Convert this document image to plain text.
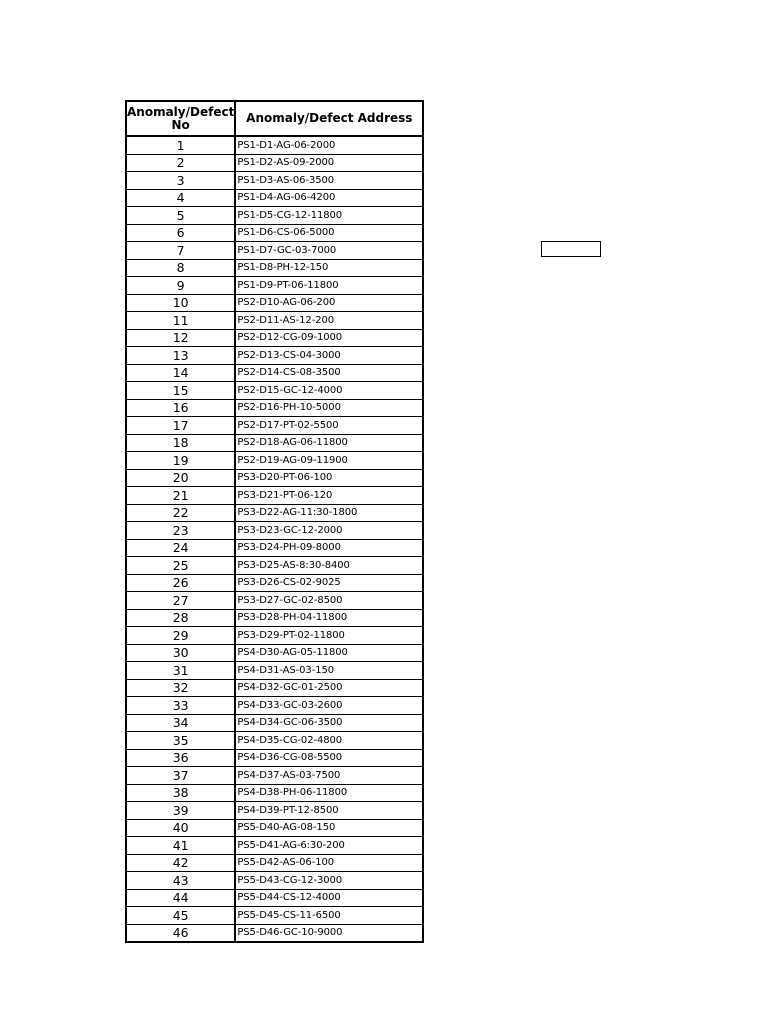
Anomaly/Defect No	Anomaly/Defect Address
1	PS1-D1-AG-06-2000
2	PS1-D2-AS-09-2000
3	PS1-D3-AS-06-3500
4	PS1-D4-AG-06-4200
5	PS1-D5-CG-12-11800
6	PS1-D6-CS-06-5000
7	PS1-D7-GC-03-7000
8	PS1-D8-PH-12-150
9	PS1-D9-PT-06-11800
10	PS2-D10-AG-06-200
11	PS2-D11-AS-12-200
12	PS2-D12-CG-09-1000
13	PS2-D13-CS-04-3000
14	PS2-D14-CS-08-3500
15	PS2-D15-GC-12-4000
16	PS2-D16-PH-10-5000
17	PS2-D17-PT-02-5500
18	PS2-D18-AG-06-11800
19	PS2-D19-AG-09-11900
20	PS3-D20-PT-06-100
21	PS3-D21-PT-06-120
22	PS3-D22-AG-11:30-1800
23	PS3-D23-GC-12-2000
24	PS3-D24-PH-09-8000
25	PS3-D25-AS-8:30-8400
26	PS3-D26-CS-02-9025
27	PS3-D27-GC-02-8500
28	PS3-D28-PH-04-11800
29	PS3-D29-PT-02-11800
30	PS4-D30-AG-05-11800
31	PS4-D31-AS-03-150
32	PS4-D32-GC-01-2500
33	PS4-D33-GC-03-2600
34	PS4-D34-GC-06-3500
35	PS4-D35-CG-02-4800
36	PS4-D36-CG-08-5500
37	PS4-D37-AS-03-7500
38	PS4-D38-PH-06-11800
39	PS4-D39-PT-12-8500
40	PS5-D40-AG-08-150
41	PS5-D41-AG-6:30-200
42	PS5-D42-AS-06-100
43	PS5-D43-CG-12-3000
44	PS5-D44-CS-12-4000
45	PS5-D45-CS-11-6500
46	PS5-D46-GC-10-9000
